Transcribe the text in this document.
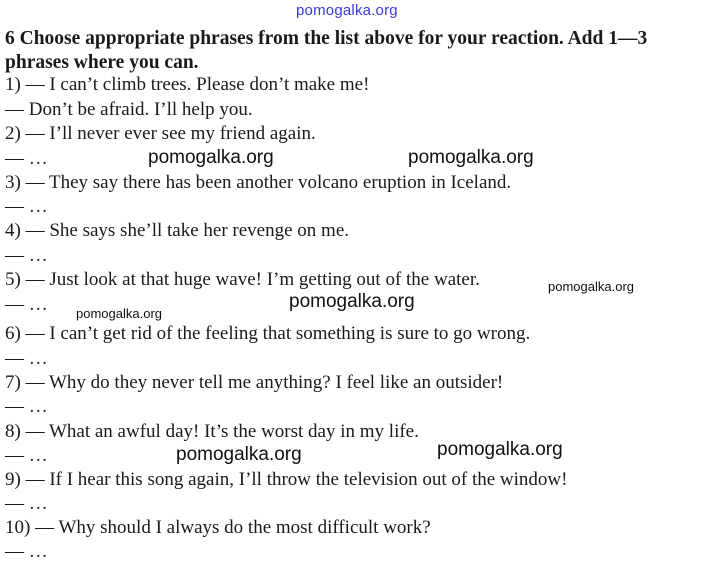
pomogalka.org

6 Choose appropriate phrases from the list above for your reaction. Add 1—3 phrases where you can.

1) — I can’t climb trees. Please don’t make me!
— Don’t be afraid. I’ll help you.
2) — I’ll never ever see my friend again.
— …
3) — They say there has been another volcano eruption in Iceland.
— …
4) — She says she’ll take her revenge on me.
— …
5) — Just look at that huge wave! I’m getting out of the water.
— …
6) — I can’t get rid of the feeling that something is sure to go wrong.
— …
7) — Why do they never tell me anything? I feel like an outsider!
— …
8) — What an awful day! It’s the worst day in my life.
— …
9) — If I hear this song again, I’ll throw the television out of the window!
— …
10) — Why should I always do the most difficult work?
— …
pomogalka.org	pomogalka.org
pomogalka.org
pomogalka.org
pomogalka.org
pomogalka.org
pomogalka.org
